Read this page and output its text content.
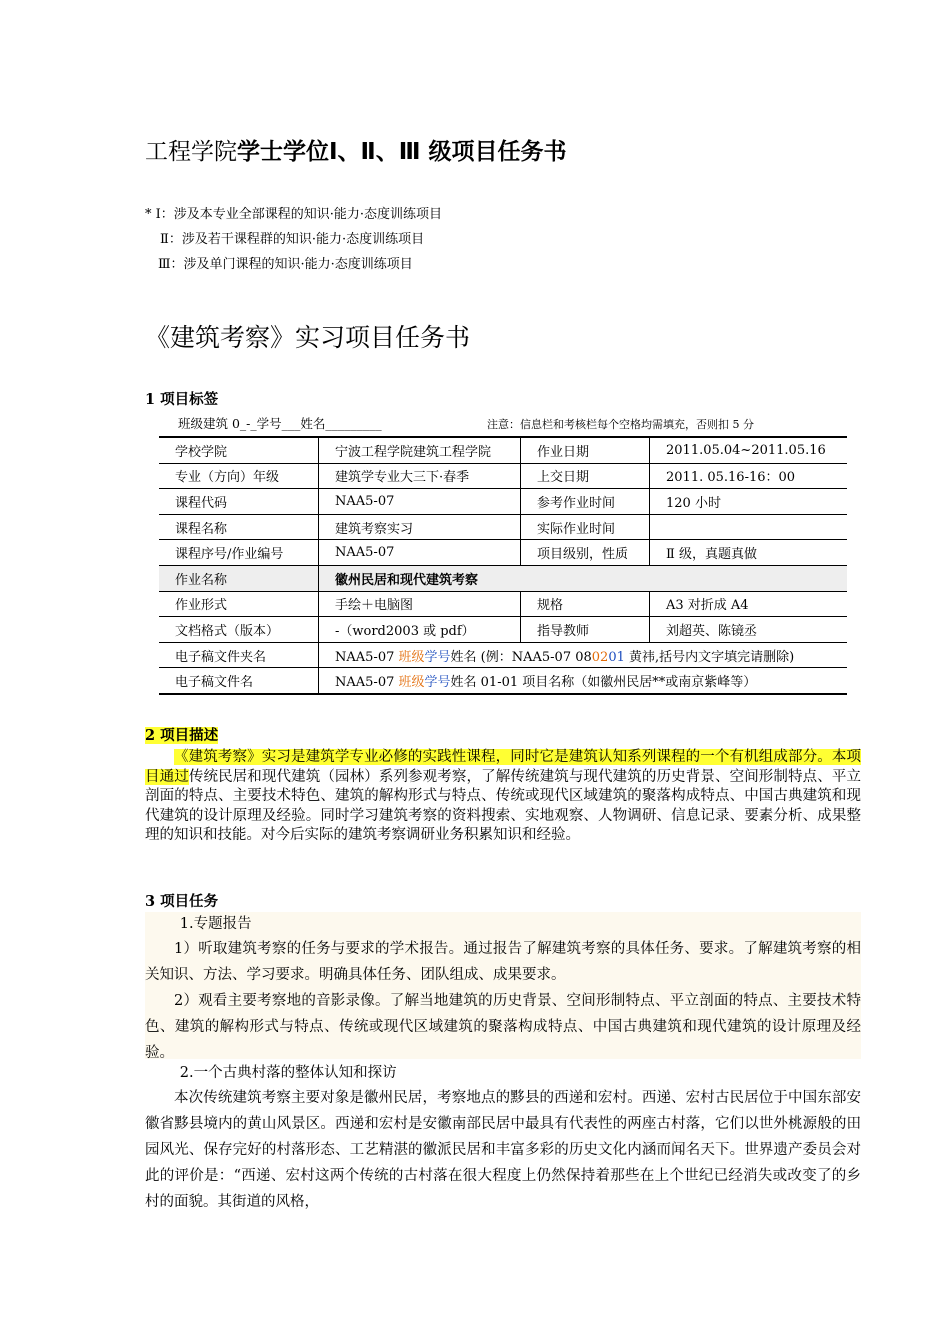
工程学院学士学位Ⅰ、Ⅱ、Ⅲ 级项目任务书
* Ⅰ：涉及本专业全部课程的知识·能力·态度训练项目
Ⅱ：涉及若干课程群的知识·能力·态度训练项目
Ⅲ：涉及单门课程的知识·能力·态度训练项目
《建筑考察》实习项目任务书
1 项目标签
班级建筑 0_-_学号___姓名_________	注意：信息栏和考核栏每个空格均需填充，否则扣 5 分
学校学院	宁波工程学院建筑工程学院	作业日期	2011.05.04~2011.05.16
专业（方向）年级	建筑学专业大三下·春季	上交日期	2011. 05.16-16：00
课程代码	NAA5-07	参考作业时间	120 小时
课程名称	建筑考察实习	实际作业时间	
课程序号/作业编号	NAA5-07	项目级别，性质	Ⅱ 级，真题真做
作业名称	徽州民居和现代建筑考察		
作业形式	手绘＋电脑图	规格	A3 对折成 A4
文档格式（版本）	-（word2003 或 pdf）	指导教师	刘超英、陈镜丞
电子稿文件夹名	NAA5-07 班级学号姓名 (例：NAA5-07 080201 黄祎,括号内文字填完请删除)		
电子稿文件名	NAA5-07 班级学号姓名 01-01 项目名称（如徽州民居**或南京紫峰等）		
2 项目描述
《建筑考察》实习是建筑学专业必修的实践性课程，同时它是建筑认知系列课程的一个有机组成部分。本项目通过传统民居和现代建筑（园林）系列参观考察，了解传统建筑与现代建筑的历史背景、空间形制特点、平立剖面的特点、主要技术特色、建筑的解构形式与特点、传统或现代区域建筑的聚落构成特点、中国古典建筑和现代建筑的设计原理及经验。同时学习建筑考察的资料搜索、实地观察、人物调研、信息记录、要素分析、成果整理的知识和技能。对今后实际的建筑考察调研业务积累知识和经验。
3 项目任务
1.专题报告
1）听取建筑考察的任务与要求的学术报告。通过报告了解建筑考察的具体任务、要求。了解建筑考察的相关知识、方法、学习要求。明确具体任务、团队组成、成果要求。
2）观看主要考察地的音影录像。了解当地建筑的历史背景、空间形制特点、平立剖面的特点、主要技术特色、建筑的解构形式与特点、传统或现代区域建筑的聚落构成特点、中国古典建筑和现代建筑的设计原理及经验。
2.一个古典村落的整体认知和探访
本次传统建筑考察主要对象是徽州民居，考察地点的黟县的西递和宏村。西递、宏村古民居位于中国东部安徽省黟县境内的黄山风景区。西递和宏村是安徽南部民居中最具有代表性的两座古村落，它们以世外桃源般的田园风光、保存完好的村落形态、工艺精湛的徽派民居和丰富多彩的历史文化内涵而闻名天下。世界遗产委员会对此的评价是：“西递、宏村这两个传统的古村落在很大程度上仍然保持着那些在上个世纪已经消失或改变了的乡村的面貌。其街道的风格，
